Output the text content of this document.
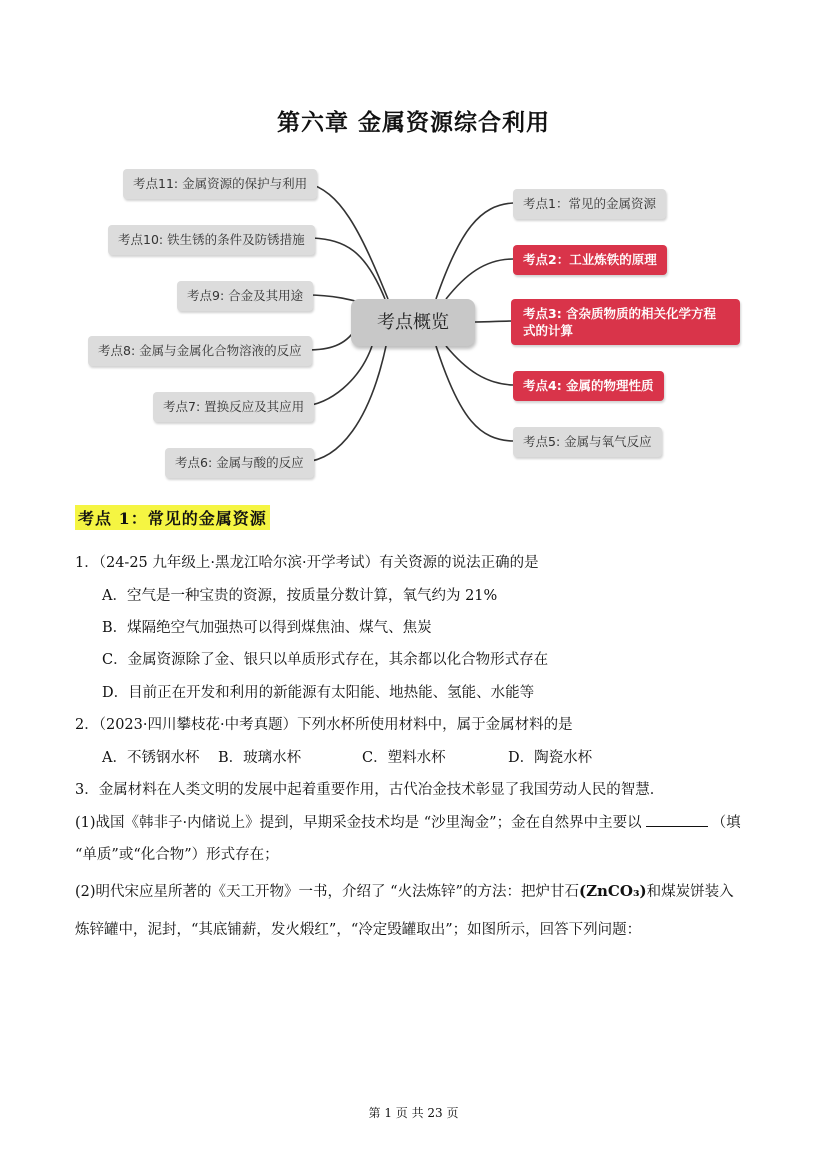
第六章 金属资源综合利用
考点11: 金属资源的保护与利用
考点10: 铁生锈的条件及防锈措施
考点9: 合金及其用途
考点8: 金属与金属化合物溶液的反应
考点7: 置换反应及其应用
考点6: 金属与酸的反应
考点概览
考点1：常见的金属资源
考点2：工业炼铁的原理
考点3: 含杂质物质的相关化学方程式的计算
考点4: 金属的物理性质
考点5: 金属与氧气反应
考点 1：常见的金属资源
1．（24-25 九年级上·黑龙江哈尔滨·开学考试）有关资源的说法正确的是
A．空气是一种宝贵的资源，按质量分数计算，氧气约为 21%
B．煤隔绝空气加强热可以得到煤焦油、煤气、焦炭
C．金属资源除了金、银只以单质形式存在，其余都以化合物形式存在
D．目前正在开发和利用的新能源有太阳能、地热能、氢能、水能等
2．（2023·四川攀枝花·中考真题）下列水杯所使用材料中，属于金属材料的是
A．不锈钢水杯 B．玻璃水杯	C．塑料水杯	D．陶瓷水杯
3．金属材料在人类文明的发展中起着重要作用，古代冶金技术彰显了我国劳动人民的智慧．
(1)战国《韩非子·内储说上》提到，早期采金技术均是 “沙里淘金”；金在自然界中主要以	（填
“单质”或“化合物”）形式存在；
(2)明代宋应星所著的《天工开物》一书，介绍了 “火法炼锌”的方法：把炉甘石(ZnCO₃)和煤炭饼装入
炼锌罐中，泥封，“其底铺薪，发火煅红”，“冷定毁罐取出”；如图所示，回答下列问题：
第 1 页 共 23 页
